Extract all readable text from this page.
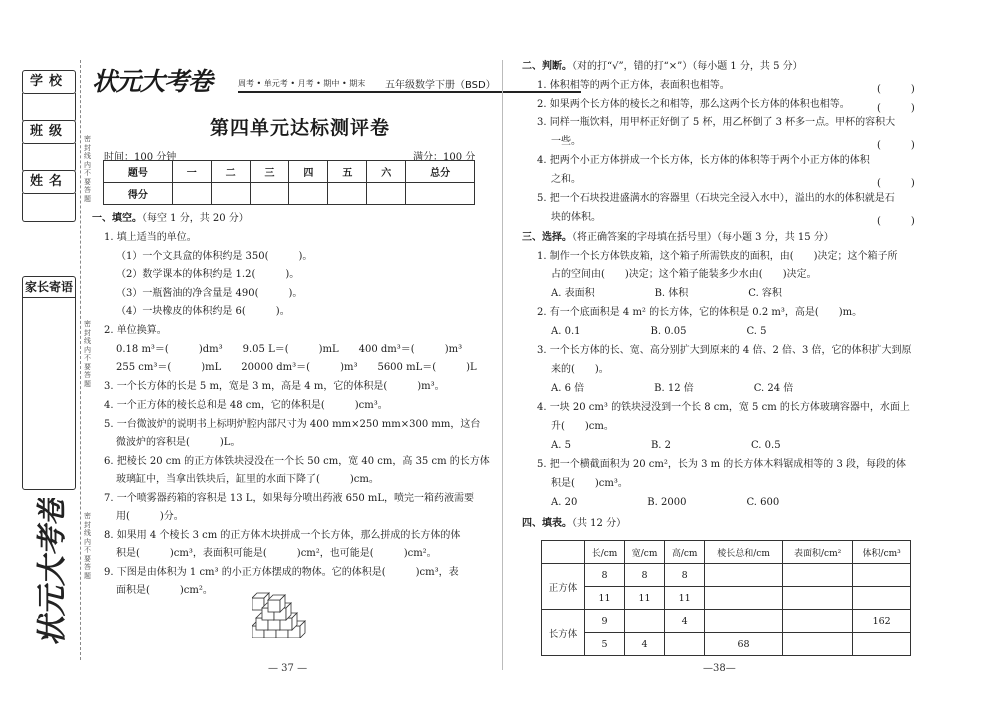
学校
班级
姓名
家长寄语
状元大考卷
密封线内不要答题
密封线内不要答题
密封线内不要答题
状元大考卷	周考 • 单元考 • 月考 • 期中 • 期末 五年级数学下册（BSD）
第四单元达标测评卷
时间：100 分钟	满分：100 分
题号	一	二	三	四	五	六	总分
得分							
一、填空。（每空 1 分，共 20 分）
1. 填上适当的单位。
（1）一个文具盒的体积约是 350(　　　)。
（2）数学课本的体积约是 1.2(　　　)。
（3）一瓶酱油的净含量是 490(　　　)。
（4）一块橡皮的体积约是 6(　　　)。
2. 单位换算。
0.18 m³＝(　　　)dm³　　9.05 L＝(　　　)mL　　400 dm³＝(　　　)m³
255 cm³＝(　　　)mL　　20000 dm³＝(　　　)m³　　5600 mL＝(　　　)L
3. 一个长方体的长是 5 m，宽是 3 m，高是 4 m，它的体积是(　　　)m³。
4. 一个正方体的棱长总和是 48 cm，它的体积是(　　　)cm³。
5. 一台微波炉的说明书上标明炉腔内部尺寸为 400 mm×250 mm×300 mm，这台
微波炉的容积是(　　　)L。
6. 把棱长 20 cm 的正方体铁块浸没在一个长 50 cm，宽 40 cm，高 35 cm 的长方体
玻璃缸中，当拿出铁块后，缸里的水面下降了(　　　)cm。
7. 一个喷雾器药箱的容积是 13 L，如果每分喷出药液 650 mL，喷完一箱药液需要
用(　　　)分。
8. 如果用 4 个棱长 3 cm 的正方体木块拼成一个长方体，那么拼成的长方体的体
积是(　　　)cm³，表面积可能是(　　　)cm²，也可能是(　　　)cm²。
9. 下图是由体积为 1 cm³ 的小正方体摆成的物体。它的体积是(　　　)cm³，表
面积是(　　　)cm²。
— 37 —
二、判断。（对的打“√”，错的打“×”）（每小题 1 分，共 5 分）
1. 体积相等的两个正方体，表面积也相等。
2. 如果两个长方体的棱长之和相等，那么这两个长方体的体积也相等。
3. 同样一瓶饮料，用甲杯正好倒了 5 杯，用乙杯倒了 3 杯多一点。甲杯的容积大
一些。
4. 把两个小正方体拼成一个长方体，长方体的体积等于两个小正方体的体积
之和。
5. 把一个石块投进盛满水的容器里（石块完全浸入水中），溢出的水的体积就是石
块的体积。
(　　　)
(　　　)
(　　　)
(　　　)
(　　　)
三、选择。（将正确答案的字母填在括号里）（每小题 3 分，共 15 分）
1. 制作一个长方体铁皮箱，这个箱子所需铁皮的面积，由(　　)决定；这个箱子所
占的空间由(　　)决定；这个箱子能装多少水由(　　)决定。
A. 表面积　　　　　　B. 体积　　　　　　C. 容积
2. 有一个底面积是 4 m² 的长方体，它的体积是 0.2 m³，高是(　　)m。
A. 0.1　　　　　　　B. 0.05　　　　　　C. 5
3. 一个长方体的长、宽、高分别扩大到原来的 4 倍、2 倍、3 倍，它的体积扩大到原
来的(　　)。
A. 6 倍　　　　　　　B. 12 倍　　　　　　C. 24 倍
4. 一块 20 cm³ 的铁块浸没到一个长 8 cm，宽 5 cm 的长方体玻璃容器中，水面上
升(　　)cm。
A. 5　　　　　　　　B. 2　　　　　　　　C. 0.5
5. 把一个横截面积为 20 cm²，长为 3 m 的长方体木料锯成相等的 3 段，每段的体
积是(　　)cm³。
A. 20　　　　　　　B. 2000　　　　　　C. 600
四、填表。（共 12 分）
	长/cm	宽/cm	高/cm	棱长总和/cm	表面积/cm²	体积/cm³
正方体	8	8	8			
	11	11	11			
长方体	9		4			162
	5	4		68		
—38—
